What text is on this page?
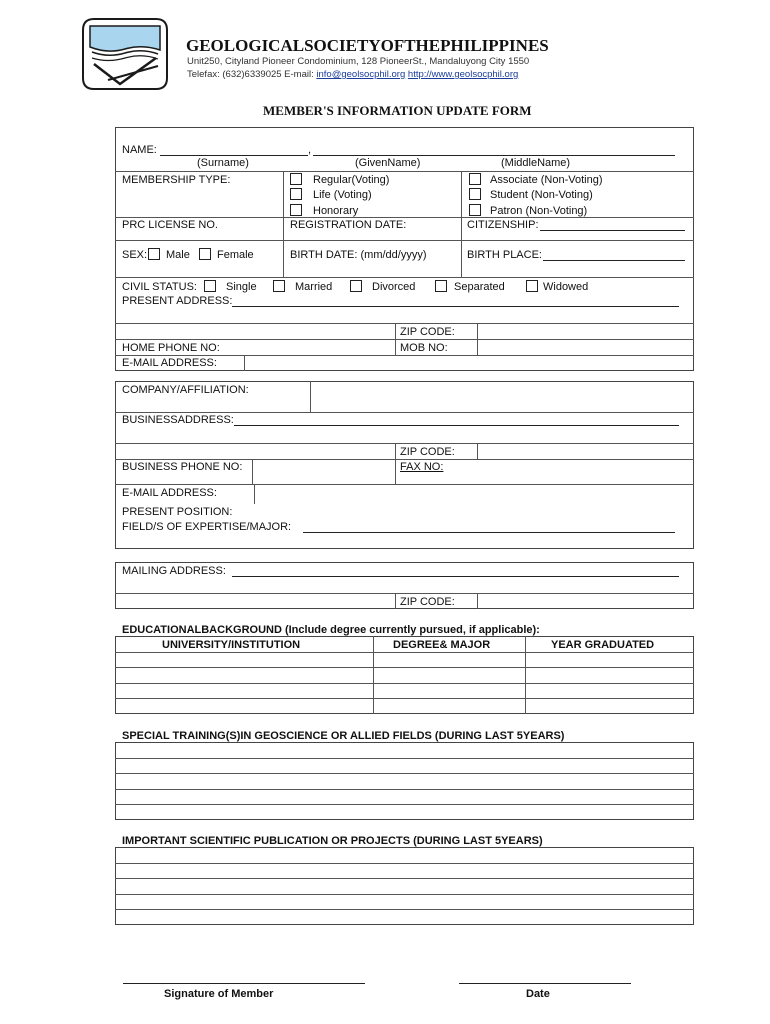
GEOLOGICALSOCIETYOFTHEPHILIPPINES
Unit250, Cityland Pioneer Condominium, 128 PioneerSt., Mandaluyong City 1550
Telefax: (632)6339025 E-mail: info@geolsocphil.org http://www.geolsocphil.org
MEMBER'S INFORMATION UPDATE FORM
NAME:	,
(Surname)	(GivenName)	(MiddleName)
MEMBERSHIP TYPE:	Regular(Voting)
Life (Voting)
Honorary
Associate (Non-Voting)
Student (Non-Voting)
Patron (Non-Voting)
PRC LICENSE NO.	REGISTRATION DATE:	CITIZENSHIP:
SEX: Male Female	BIRTH DATE: (mm/dd/yyyy)	BIRTH PLACE:
CIVIL STATUS:	Single	Married	Divorced	Separated	Widowed
PRESENT ADDRESS:
ZIP CODE:
HOME PHONE NO:	MOB NO:
E-MAIL ADDRESS:
COMPANY/AFFILIATION:
BUSINESSADDRESS:
ZIP CODE:
BUSINESS PHONE NO:	FAX NO:
E-MAIL ADDRESS:
PRESENT POSITION:
FIELD/S OF EXPERTISE/MAJOR:
MAILING ADDRESS:
ZIP CODE:
EDUCATIONALBACKGROUND (Include degree currently pursued, if applicable):
UNIVERSITY/INSTITUTION	DEGREE& MAJOR	YEAR GRADUATED
SPECIAL TRAINING(S)IN GEOSCIENCE OR ALLIED FIELDS (DURING LAST 5YEARS)
IMPORTANT SCIENTIFIC PUBLICATION OR PROJECTS (DURING LAST 5YEARS)
Signature of Member	Date
